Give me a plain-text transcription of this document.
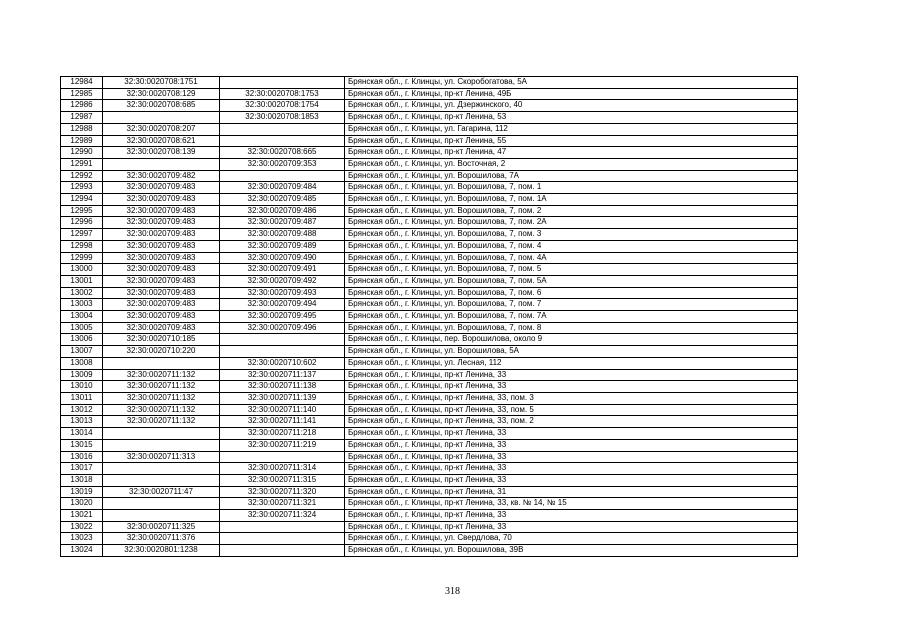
12984	32:30:0020708:1751		Брянская обл., г. Клинцы, ул. Скоробогатова, 5А
12985	32:30:0020708:129	32:30:0020708:1753	Брянская обл., г. Клинцы, пр-кт Ленина, 49Б
12986	32:30:0020708:685	32:30:0020708:1754	Брянская обл., г. Клинцы, ул. Дзержинского, 40
12987		32:30:0020708:1853	Брянская обл., г. Клинцы, пр-кт Ленина, 53
12988	32:30:0020708:207		Брянская обл., г. Клинцы, ул. Гагарина, 112
12989	32:30:0020708:621		Брянская обл., г. Клинцы, пр-кт Ленина, 55
12990	32:30:0020708:139	32:30:0020708:665	Брянская обл., г. Клинцы, пр-кт Ленина, 47
12991		32:30:0020709:353	Брянская обл., г. Клинцы, ул. Восточная, 2
12992	32:30:0020709:482		Брянская обл., г. Клинцы, ул. Ворошилова, 7А
12993	32:30:0020709:483	32:30:0020709:484	Брянская обл., г. Клинцы, ул. Ворошилова, 7, пом. 1
12994	32:30:0020709:483	32:30:0020709:485	Брянская обл., г. Клинцы, ул. Ворошилова, 7, пом. 1А
12995	32:30:0020709:483	32:30:0020709:486	Брянская обл., г. Клинцы, ул. Ворошилова, 7, пом. 2
12996	32:30:0020709:483	32:30:0020709:487	Брянская обл., г. Клинцы, ул. Ворошилова, 7, пом. 2А
12997	32:30:0020709:483	32:30:0020709:488	Брянская обл., г. Клинцы, ул. Ворошилова, 7, пом. 3
12998	32:30:0020709:483	32:30:0020709:489	Брянская обл., г. Клинцы, ул. Ворошилова, 7, пом. 4
12999	32:30:0020709:483	32:30:0020709:490	Брянская обл., г. Клинцы, ул. Ворошилова, 7, пом. 4А
13000	32:30:0020709:483	32:30:0020709:491	Брянская обл., г. Клинцы, ул. Ворошилова, 7, пом. 5
13001	32:30:0020709:483	32:30:0020709:492	Брянская обл., г. Клинцы, ул. Ворошилова, 7, пом. 5А
13002	32:30:0020709:483	32:30:0020709:493	Брянская обл., г. Клинцы, ул. Ворошилова, 7, пом. 6
13003	32:30:0020709:483	32:30:0020709:494	Брянская обл., г. Клинцы, ул. Ворошилова, 7, пом. 7
13004	32:30:0020709:483	32:30:0020709:495	Брянская обл., г. Клинцы, ул. Ворошилова, 7, пом. 7А
13005	32:30:0020709:483	32:30:0020709:496	Брянская обл., г. Клинцы, ул. Ворошилова, 7, пом. 8
13006	32:30:0020710:185		Брянская обл., г. Клинцы, пер. Ворошилова, около 9
13007	32:30:0020710:220		Брянская обл., г. Клинцы, ул. Ворошилова, 5А
13008		32:30:0020710:602	Брянская обл., г. Клинцы, ул. Лесная, 112
13009	32:30:0020711:132	32:30:0020711:137	Брянская обл., г. Клинцы, пр-кт Ленина, 33
13010	32:30:0020711:132	32:30:0020711:138	Брянская обл., г. Клинцы, пр-кт Ленина, 33
13011	32:30:0020711:132	32:30:0020711:139	Брянская обл., г. Клинцы, пр-кт Ленина, 33, пом. 3
13012	32:30:0020711:132	32:30:0020711:140	Брянская обл., г. Клинцы, пр-кт Ленина, 33, пом. 5
13013	32:30:0020711:132	32:30:0020711:141	Брянская обл., г. Клинцы, пр-кт Ленина, 33, пом. 2
13014		32:30:0020711:218	Брянская обл., г. Клинцы, пр-кт Ленина, 33
13015		32:30:0020711:219	Брянская обл., г. Клинцы, пр-кт Ленина, 33
13016	32:30:0020711:313		Брянская обл., г. Клинцы, пр-кт Ленина, 33
13017		32:30:0020711:314	Брянская обл., г. Клинцы, пр-кт Ленина, 33
13018		32:30:0020711:315	Брянская обл., г. Клинцы, пр-кт Ленина, 33
13019	32:30:0020711:47	32:30:0020711:320	Брянская обл., г. Клинцы, пр-кт Ленина, 31
13020		32:30:0020711:321	Брянская обл., г. Клинцы, пр-кт Ленина, 33, кв. № 14, № 15
13021		32:30:0020711:324	Брянская обл., г. Клинцы, пр-кт Ленина, 33
13022	32:30:0020711:325		Брянская обл., г. Клинцы, пр-кт Ленина, 33
13023	32:30:0020711:376		Брянская обл., г. Клинцы, ул. Свердлова, 70
13024	32:30:0020801:1238		Брянская обл., г. Клинцы, ул. Ворошилова, 39В
318
